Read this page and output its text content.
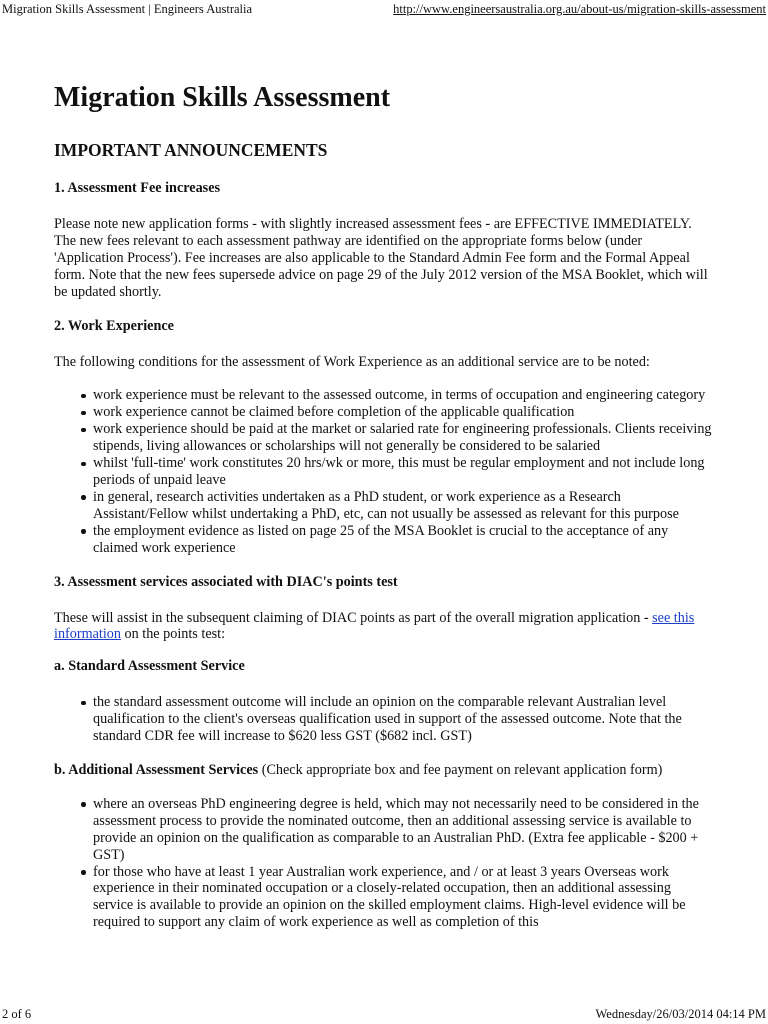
Migration Skills Assessment | Engineers Australia	http://www.engineersaustralia.org.au/about-us/migration-skills-assessment
Migration Skills Assessment
IMPORTANT ANNOUNCEMENTS
1. Assessment Fee increases

Please note new application forms - with slightly increased assessment fees - are EFFECTIVE IMMEDIATELY. The new fees relevant to each assessment pathway are identified on the appropriate forms below (under 'Application Process'). Fee increases are also applicable to the Standard Admin Fee form and the Formal Appeal form. Note that the new fees supersede advice on page 29 of the July 2012 version of the MSA Booklet, which will be updated shortly.

2. Work Experience

The following conditions for the assessment of Work Experience as an additional service are to be noted:

work experience must be relevant to the assessed outcome, in terms of occupation and engineering category
work experience cannot be claimed before completion of the applicable qualification
work experience should be paid at the market or salaried rate for engineering professionals. Clients receiving stipends, living allowances or scholarships will not generally be considered to be salaried
whilst 'full-time' work constitutes 20 hrs/wk or more, this must be regular employment and not include long periods of unpaid leave
in general, research activities undertaken as a PhD student, or work experience as a Research Assistant/Fellow whilst undertaking a PhD, etc, can not usually be assessed as relevant for this purpose
the employment evidence as listed on page 25 of the MSA Booklet is crucial to the acceptance of any claimed work experience
3. Assessment services associated with DIAC's points test

These will assist in the subsequent claiming of DIAC points as part of the overall migration application - see this information on the points test:

a. Standard Assessment Service
the standard assessment outcome will include an opinion on the comparable relevant Australian level qualification to the client's overseas qualification used in support of the assessed outcome. Note that the standard CDR fee will increase to $620 less GST ($682 incl. GST)

b. Additional Assessment Services (Check appropriate box and fee payment on relevant application form)

where an overseas PhD engineering degree is held, which may not necessarily need to be considered in the assessment process to provide the nominated outcome, then an additional assessing service is available to provide an opinion on the qualification as comparable to an Australian PhD. (Extra fee applicable - $200 + GST)
for those who have at least 1 year Australian work experience, and / or at least 3 years Overseas work experience in their nominated occupation or a closely-related occupation, then an additional assessing service is available to provide an opinion on the skilled employment claims. High-level evidence will be required to support any claim of work experience as well as completion of this
2 of 6	Wednesday/26/03/2014 04:14 PM
